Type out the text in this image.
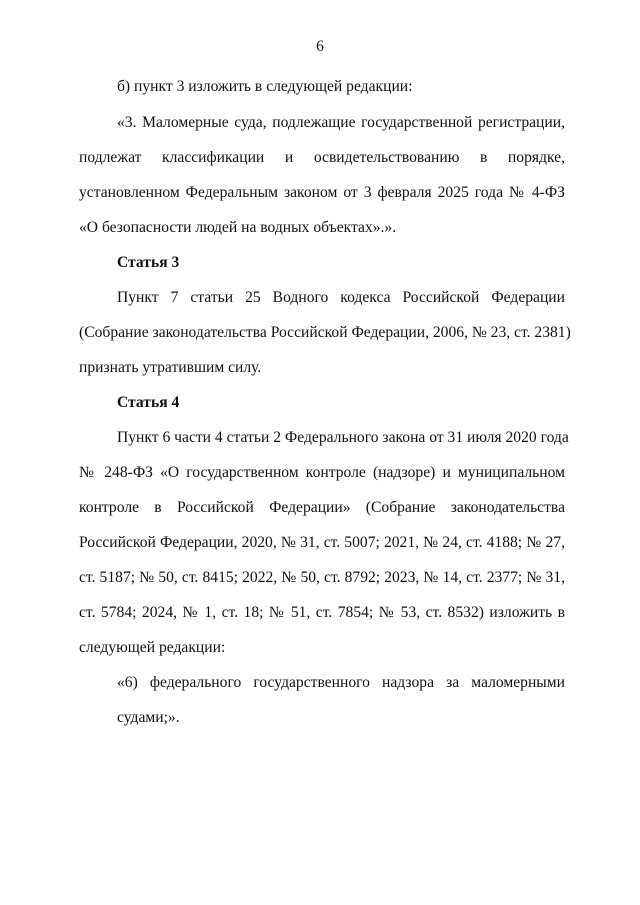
6
б) пункт 3 изложить в следующей редакции:
«3. Маломерные суда, подлежащие государственной регистрации,
подлежат классификации и освидетельствованию в порядке,
установленном Федеральным законом от 3 февраля 2025 года № 4-ФЗ
«О безопасности людей на водных объектах».».
Статья 3
Пункт 7 статьи 25 Водного кодекса Российской Федерации
(Собрание законодательства Российской Федерации, 2006, № 23, ст. 2381)
признать утратившим силу.
Статья 4
Пункт 6 части 4 статьи 2 Федерального закона от 31 июля 2020 года
№ 248-ФЗ «О государственном контроле (надзоре) и муниципальном
контроле в Российской Федерации» (Собрание законодательства
Российской Федерации, 2020, № 31, ст. 5007; 2021, № 24, ст. 4188; № 27,
ст. 5187; № 50, ст. 8415; 2022, № 50, ст. 8792; 2023, № 14, ст. 2377; № 31,
ст. 5784; 2024, № 1, ст. 18; № 51, ст. 7854; № 53, ст. 8532) изложить в
следующей редакции:
«6) федерального государственного надзора за маломерными
судами;».
